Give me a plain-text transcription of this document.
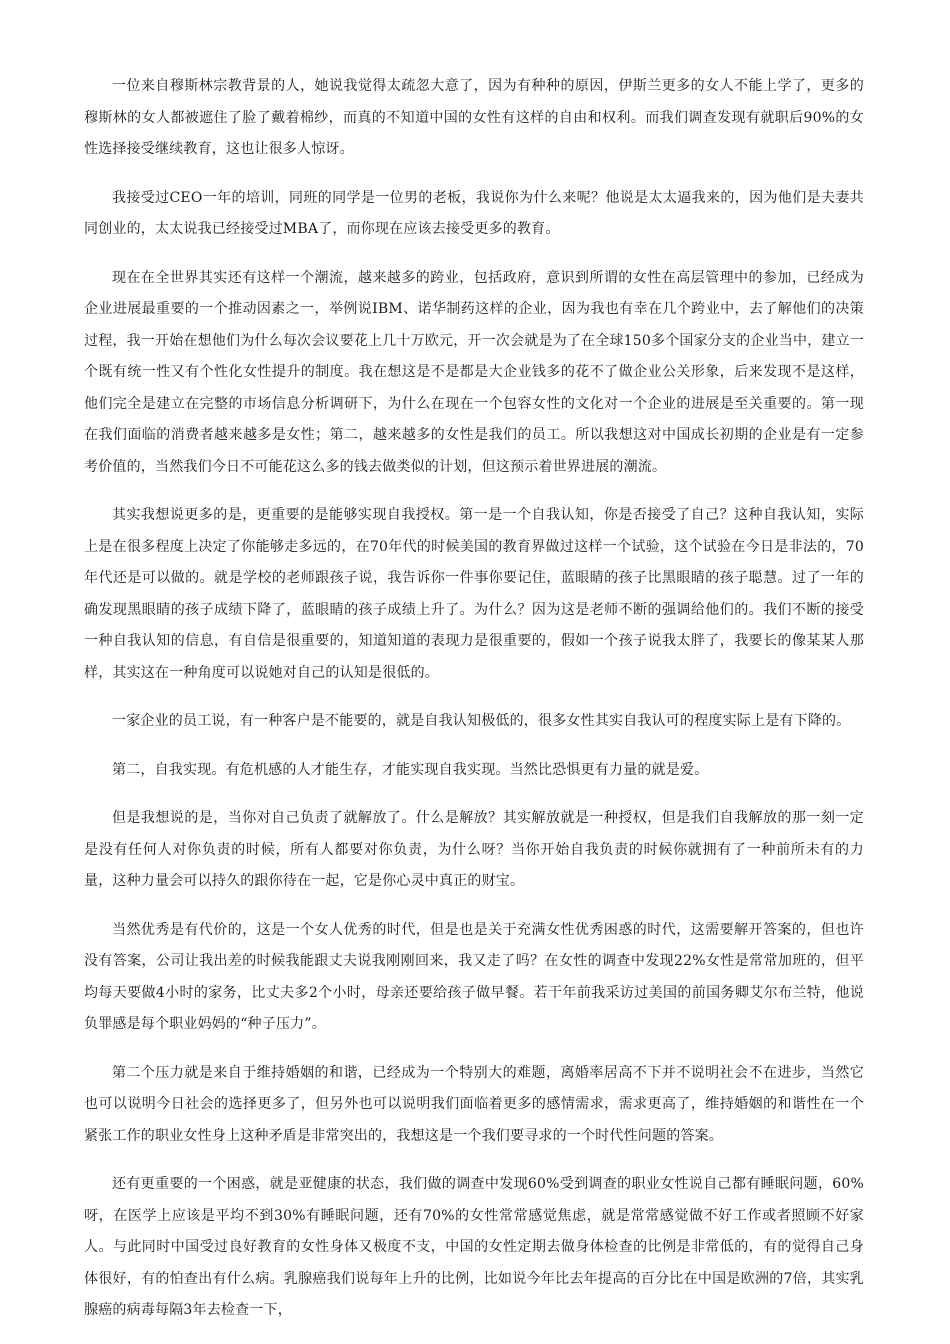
一位来自穆斯林宗教背景的人，她说我觉得太疏忽大意了，因为有种种的原因，伊斯兰更多的女人不能上学了，更多的穆斯林的女人都被遮住了脸了戴着棉纱，而真的不知道中国的女性有这样的自由和权利。而我们调查发现有就职后90%的女性选择接受继续教育，这也让很多人惊讶。

我接受过CEO一年的培训，同班的同学是一位男的老板，我说你为什么来呢？他说是太太逼我来的，因为他们是夫妻共同创业的，太太说我已经接受过MBA了，而你现在应该去接受更多的教育。

现在在全世界其实还有这样一个潮流，越来越多的跨业，包括政府，意识到所谓的女性在高层管理中的参加，已经成为企业进展最重要的一个推动因素之一，举例说IBM、诺华制药这样的企业，因为我也有幸在几个跨业中，去了解他们的决策过程，我一开始在想他们为什么每次会议要花上几十万欧元，开一次会就是为了在全球150多个国家分支的企业当中，建立一个既有统一性又有个性化女性提升的制度。我在想这是不是都是大企业钱多的花不了做企业公关形象，后来发现不是这样，他们完全是建立在完整的市场信息分析调研下，为什么在现在一个包容女性的文化对一个企业的进展是至关重要的。第一现在我们面临的消费者越来越多是女性；第二，越来越多的女性是我们的员工。所以我想这对中国成长初期的企业是有一定参考价值的，当然我们今日不可能花这么多的钱去做类似的计划，但这预示着世界进展的潮流。

其实我想说更多的是，更重要的是能够实现自我授权。第一是一个自我认知，你是否接受了自己？这种自我认知，实际上是在很多程度上决定了你能够走多远的，在70年代的时候美国的教育界做过这样一个试验，这个试验在今日是非法的，70年代还是可以做的。就是学校的老师跟孩子说，我告诉你一件事你要记住，蓝眼睛的孩子比黑眼睛的孩子聪慧。过了一年的确发现黑眼睛的孩子成绩下降了，蓝眼睛的孩子成绩上升了。为什么？因为这是老师不断的强调给他们的。我们不断的接受一种自我认知的信息，有自信是很重要的，知道知道的表现力是很重要的，假如一个孩子说我太胖了，我要长的像某某人那样，其实这在一种角度可以说她对自己的认知是很低的。

一家企业的员工说，有一种客户是不能要的，就是自我认知极低的，很多女性其实自我认可的程度实际上是有下降的。

第二，自我实现。有危机感的人才能生存，才能实现自我实现。当然比恐惧更有力量的就是爱。

但是我想说的是，当你对自己负责了就解放了。什么是解放？其实解放就是一种授权，但是我们自我解放的那一刻一定是没有任何人对你负责的时候，所有人都要对你负责，为什么呀？当你开始自我负责的时候你就拥有了一种前所未有的力量，这种力量会可以持久的跟你待在一起，它是你心灵中真正的财宝。

当然优秀是有代价的，这是一个女人优秀的时代，但是也是关于充满女性优秀困惑的时代，这需要解开答案的，但也许没有答案，公司让我出差的时候我能跟丈夫说我刚刚回来，我又走了吗？在女性的调查中发现22%女性是常常加班的，但平均每天要做4小时的家务，比丈夫多2个小时，母亲还要给孩子做早餐。若干年前我采访过美国的前国务卿艾尔布兰特，他说负罪感是每个职业妈妈的“种子压力”。

第二个压力就是来自于维持婚姻的和谐，已经成为一个特别大的难题，离婚率居高不下并不说明社会不在进步，当然它也可以说明今日社会的选择更多了，但另外也可以说明我们面临着更多的感情需求，需求更高了，维持婚姻的和谐性在一个紧张工作的职业女性身上这种矛盾是非常突出的，我想这是一个我们要寻求的一个时代性问题的答案。

还有更重要的一个困惑，就是亚健康的状态，我们做的调查中发现60%受到调查的职业女性说自己都有睡眠问题，60%呀，在医学上应该是平均不到30%有睡眠问题，还有70%的女性常常感觉焦虑，就是常常感觉做不好工作或者照顾不好家人。与此同时中国受过良好教育的女性身体又极度不支，中国的女性定期去做身体检查的比例是非常低的，有的觉得自己身体很好，有的怕查出有什么病。乳腺癌我们说每年上升的比例，比如说今年比去年提高的百分比在中国是欧洲的7倍，其实乳腺癌的病毒每隔3年去检查一下，
